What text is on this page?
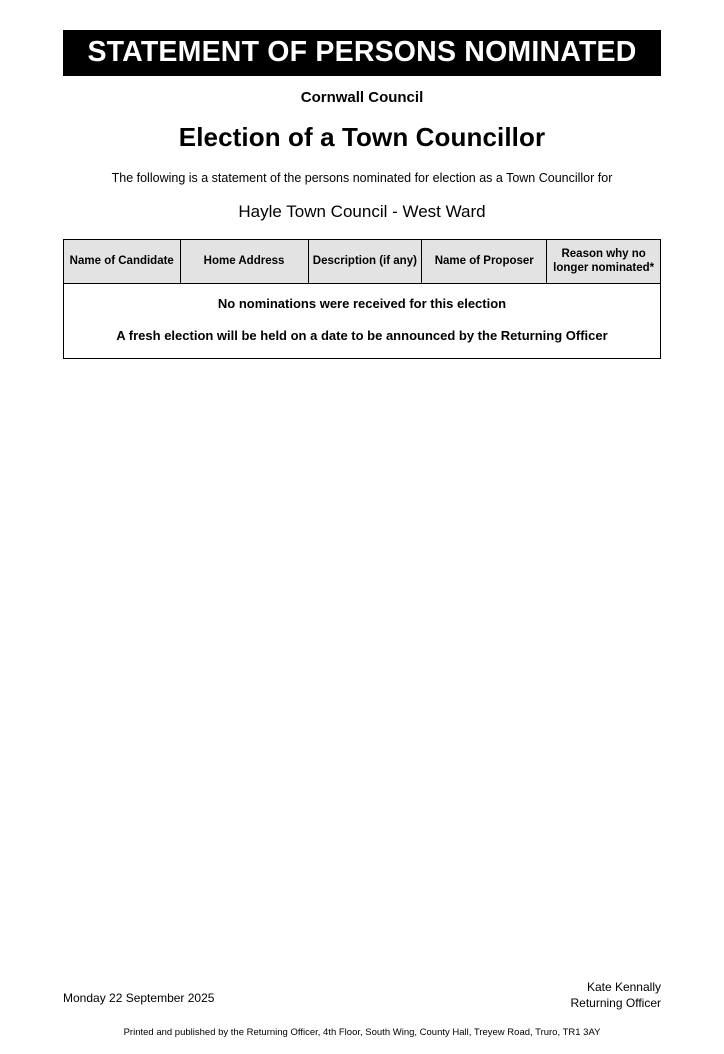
STATEMENT OF PERSONS NOMINATED
Cornwall Council
Election of a Town Councillor
The following is a statement of the persons nominated for election as a Town Councillor for
Hayle Town Council - West Ward
Name of Candidate	Home Address	Description (if any)	Name of Proposer	Reason why no longer nominated*

No nominations were received for this election
A fresh election will be held on a date to be announced by the Returning Officer
Monday 22 September 2025
Kate Kennally
Returning Officer
Printed and published by the Returning Officer, 4th Floor, South Wing, County Hall, Treyew Road, Truro, TR1 3AY
